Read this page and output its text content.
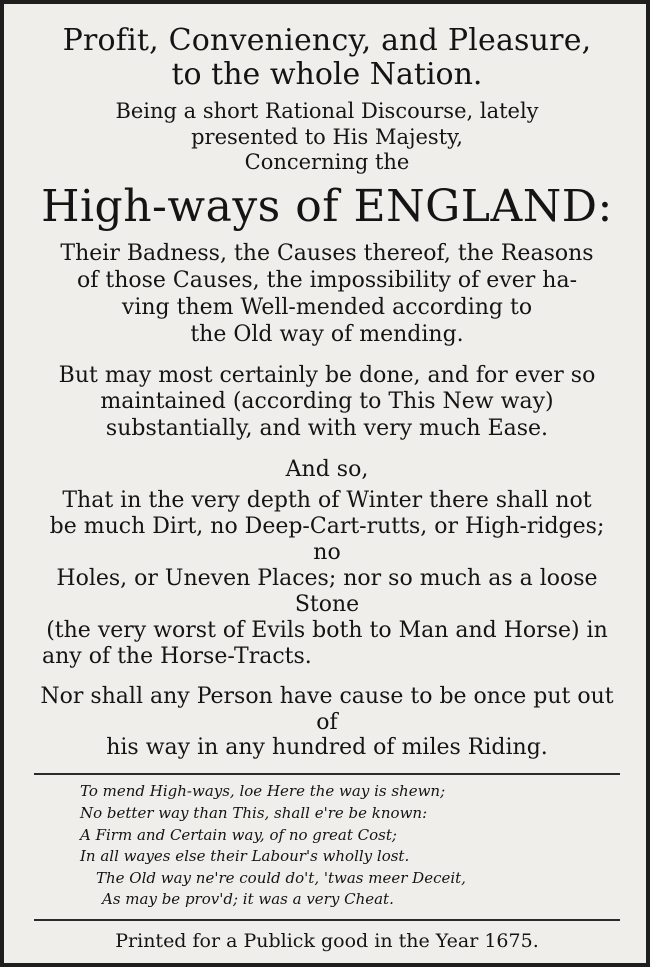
Profit, Conveniency, and Pleasure,
to the whole Nation.
Being a short Rational Discourse, lately
presented to His Majesty,
Concerning the
High-ways of ENGLAND:
Their Badness, the Causes thereof, the Reasons
of those Causes, the impossibility of ever ha-
ving them Well-mended according to
the Old way of mending.
But may most certainly be done, and for ever so
maintained (according to This New way)
substantially, and with very much Ease.
And so,
That in the very depth of Winter there shall not
be much Dirt, no Deep-Cart-rutts, or High-ridges; no
Holes, or Uneven Places; nor so much as a loose Stone
(the very worst of Evils both to Man and Horse) in
any of the Horse-Tracts.
Nor shall any Person have cause to be once put out of
his way in any hundred of miles Riding.
To mend High-ways, loe Here the way is shewn;
No better way than This, shall e're be known:
A Firm and Certain way, of no great Cost;
In all wayes else their Labour's wholly lost.
The Old way ne're could do't, 'twas meer Deceit,
As may be prov'd; it was a very Cheat.
Printed for a Publick good in the Year 1675.
